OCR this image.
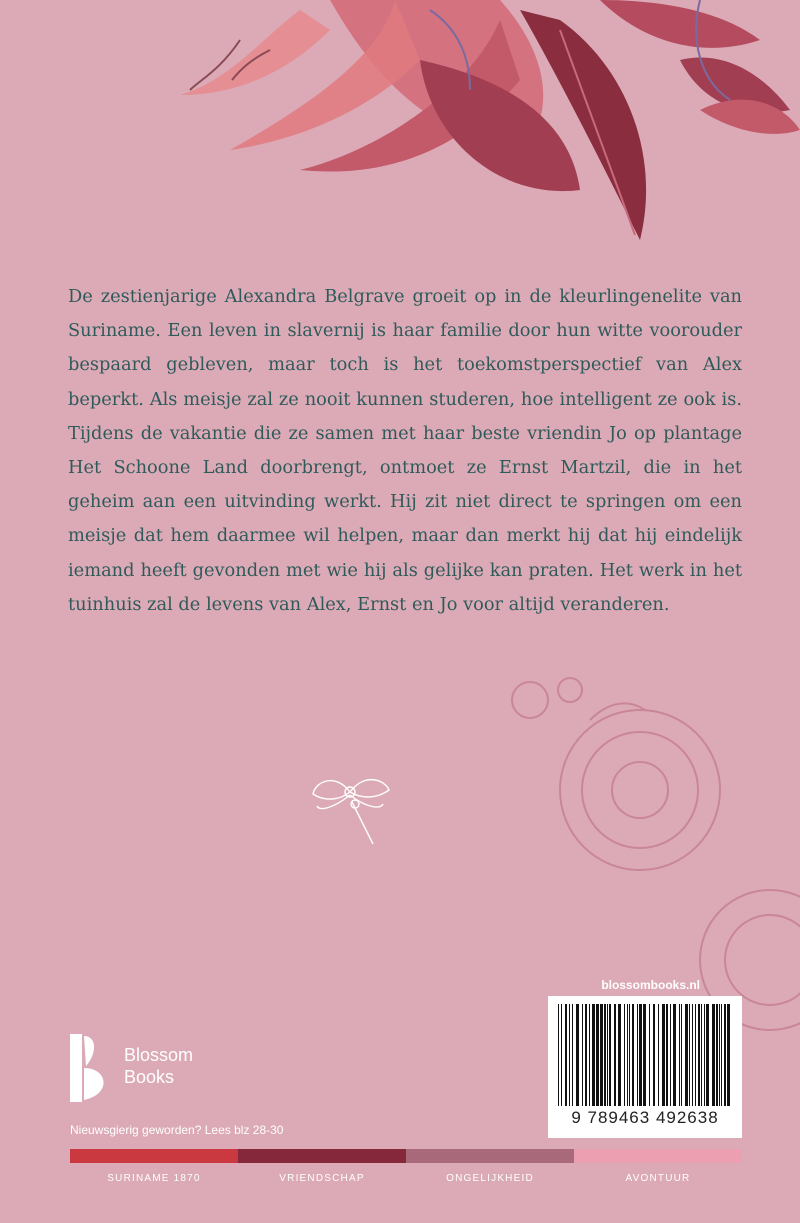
De zestienjarige Alexandra Belgrave groeit op in de kleurlingenelite van Suriname. Een leven in slavernij is haar familie door hun witte voorouder bespaard gebleven, maar toch is het toekomstperspectief van Alex beperkt. Als meisje zal ze nooit kunnen studeren, hoe intelligent ze ook is. Tijdens de vakantie die ze samen met haar beste vriendin Jo op plantage Het Schoone Land doorbrengt, ontmoet ze Ernst Martzil, die in het geheim aan een uitvinding werkt. Hij zit niet direct te springen om een meisje dat hem daarmee wil helpen, maar dan merkt hij dat hij eindelijk iemand heeft gevonden met wie hij als gelijke kan praten. Het werk in het tuinhuis zal de levens van Alex, Ernst en Jo voor altijd veranderen.

blossombooks.nl
9 789463 492638
Blossom
Books
Nieuwsgierig geworden? Lees blz 28-30
SURINAME 1870	VRIENDSCHAP	ONGELIJKHEID	AVONTUUR
